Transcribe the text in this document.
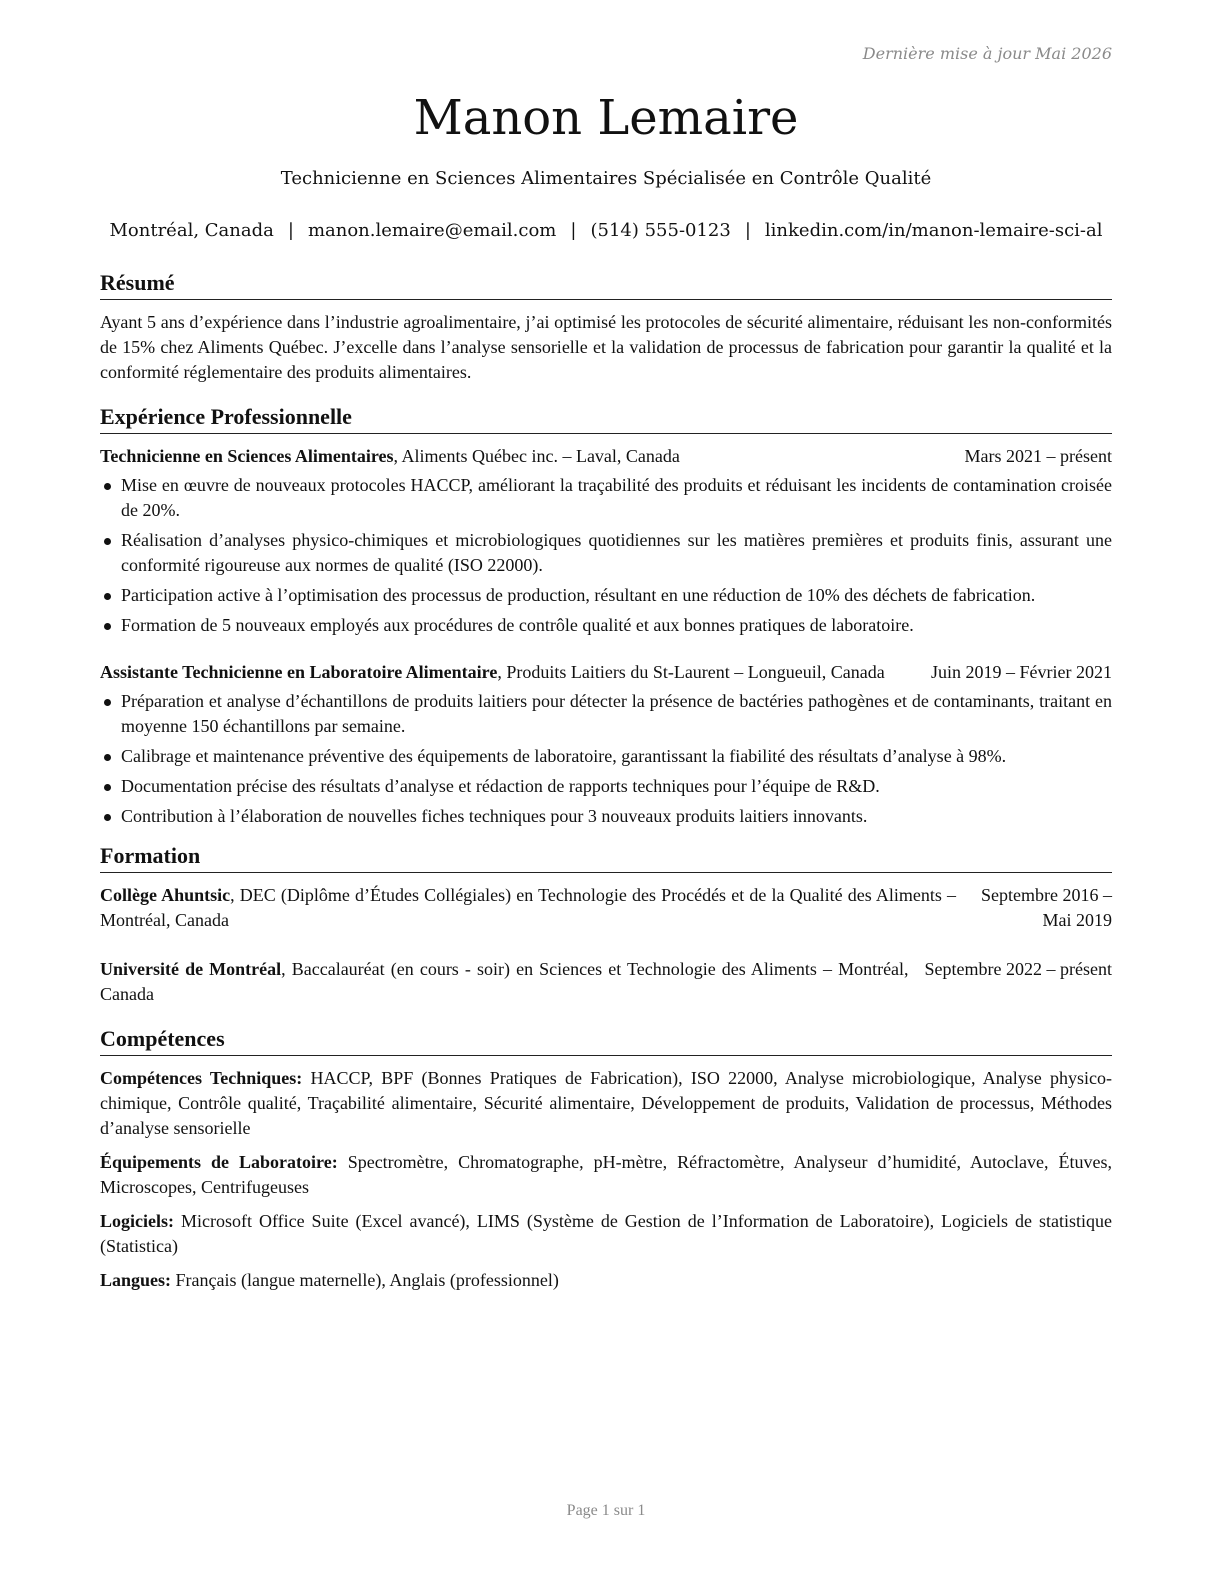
Dernière mise à jour Mai 2026
Manon Lemaire
Technicienne en Sciences Alimentaires Spécialisée en Contrôle Qualité
Montréal, Canada | manon.lemaire@email.com | (514) 555-0123 | linkedin.com/in/manon-lemaire-sci-al
Résumé

Ayant 5 ans d’expérience dans l’industrie agroalimentaire, j’ai optimisé les protocoles de sécurité alimentaire, réduisant les non-conformités de 15% chez Aliments Québec. J’excelle dans l’analyse sensorielle et la validation de processus de fabrication pour garantir la qualité et la conformité réglementaire des produits alimentaires.

Expérience Professionnelle
Technicienne en Sciences Alimentaires, Aliments Québec inc. – Laval, Canada	Mars 2021 – présent
Mise en œuvre de nouveaux protocoles HACCP, améliorant la traçabilité des produits et réduisant les incidents de contamination croisée de 20%.
Réalisation d’analyses physico-chimiques et microbiologiques quotidiennes sur les matières premières et produits finis, assurant une conformité rigoureuse aux normes de qualité (ISO 22000).
Participation active à l’optimisation des processus de production, résultant en une réduction de 10% des déchets de fabrication.
Formation de 5 nouveaux employés aux procédures de contrôle qualité et aux bonnes pratiques de laboratoire.
Assistante Technicienne en Laboratoire Alimentaire, Produits Laitiers du St-Laurent – Longueuil, Canada	Juin 2019 – Février 2021
Préparation et analyse d’échantillons de produits laitiers pour détecter la présence de bactéries pathogènes et de contaminants, traitant en moyenne 150 échantillons par semaine.
Calibrage et maintenance préventive des équipements de laboratoire, garantissant la fiabilité des résultats d’analyse à 98%.
Documentation précise des résultats d’analyse et rédaction de rapports techniques pour l’équipe de R&D.
Contribution à l’élaboration de nouvelles fiches techniques pour 3 nouveaux produits laitiers innovants.
Formation
Collège Ahuntsic, DEC (Diplôme d’Études Collégiales) en Technologie des Procédés et de la Qualité des Aliments – Montréal, Canada
Septembre 2016 – Mai 2019
Université de Montréal, Baccalauréat (en cours - soir) en Sciences et Technologie des Aliments – Montréal, Canada
Septembre 2022 – présent
Compétences

Compétences Techniques: HACCP, BPF (Bonnes Pratiques de Fabrication), ISO 22000, Analyse microbiologique, Analyse physico-chimique, Contrôle qualité, Traçabilité alimentaire, Sécurité alimentaire, Développement de produits, Validation de processus, Méthodes d’analyse sensorielle

Équipements de Laboratoire: Spectromètre, Chromatographe, pH-mètre, Réfractomètre, Analyseur d’humidité, Autoclave, Étuves, Microscopes, Centrifugeuses

Logiciels: Microsoft Office Suite (Excel avancé), LIMS (Système de Gestion de l’Information de Laboratoire), Logiciels de statistique (Statistica)

Langues: Français (langue maternelle), Anglais (professionnel)

Page 1 sur 1
